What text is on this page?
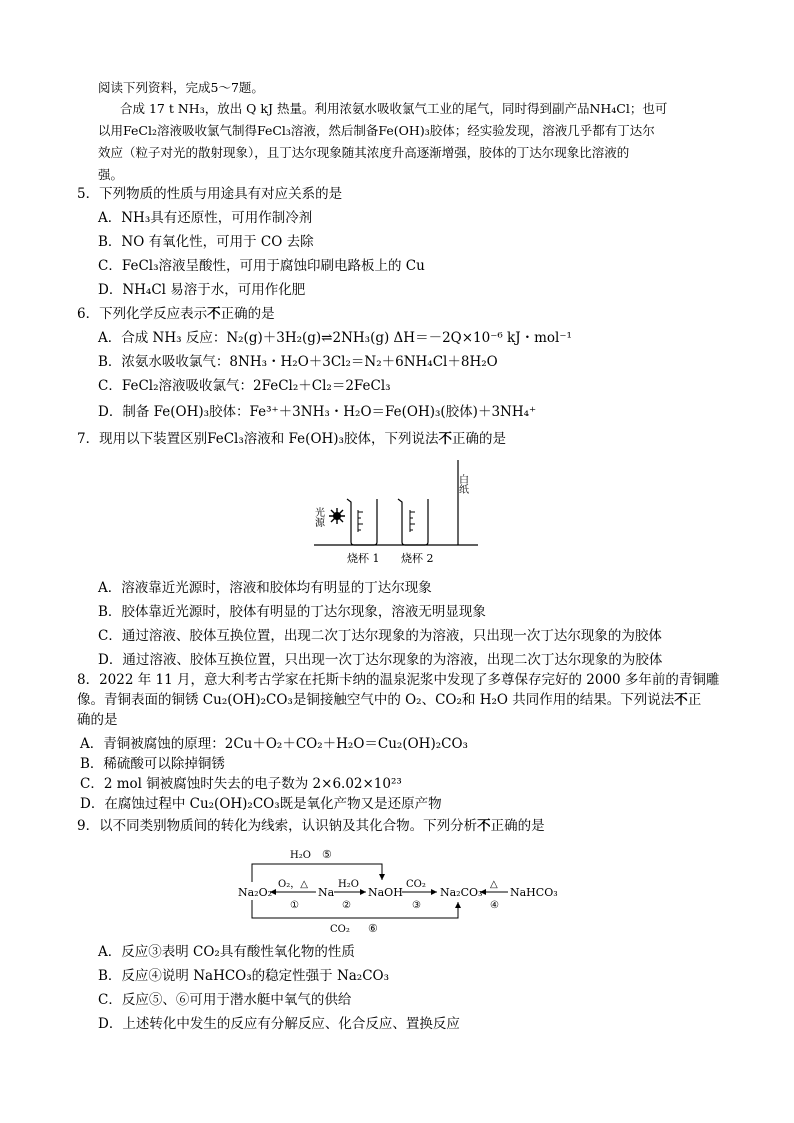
阅读下列资料，完成5～7题。
合成 17 t NH₃，放出 Q kJ 热量。利用浓氨水吸收氯气工业的尾气，同时得到副产品NH₄Cl；也可
以用FeCl₂溶液吸收氯气制得FeCl₃溶液，然后制备Fe(OH)₃胶体；经实验发现，溶液几乎都有丁达尔
效应（粒子对光的散射现象），且丁达尔现象随其浓度升高逐渐增强，胶体的丁达尔现象比溶液的
强。
5．下列物质的性质与用途具有对应关系的是
A．NH₃具有还原性，可用作制冷剂
B．NO 有氧化性，可用于 CO 去除
C．FeCl₃溶液呈酸性，可用于腐蚀印刷电路板上的 Cu
D．NH₄Cl 易溶于水，可用作化肥
6．下列化学反应表示不正确的是
A．合成 NH₃ 反应：N₂(g)＋3H₂(g)⇌2NH₃(g) ΔH＝－2Q×10⁻⁶ kJ・mol⁻¹
B．浓氨水吸收氯气：8NH₃・H₂O＋3Cl₂＝N₂＋6NH₄Cl＋8H₂O
C．FeCl₂溶液吸收氯气：2FeCl₂＋Cl₂＝2FeCl₃
D．制备 Fe(OH)₃胶体：Fe³⁺＋3NH₃・H₂O＝Fe(OH)₃(胶体)＋3NH₄⁺
7．现用以下装置区别FeCl₃溶液和 Fe(OH)₃胶体，下列说法不正确的是
白纸
光源
烧杯 1 烧杯 2
A．溶液靠近光源时，溶液和胶体均有明显的丁达尔现象
B．胶体靠近光源时，胶体有明显的丁达尔现象，溶液无明显现象
C．通过溶液、胶体互换位置，出现二次丁达尔现象的为溶液，只出现一次丁达尔现象的为胶体
D．通过溶液、胶体互换位置，只出现一次丁达尔现象的为溶液，出现二次丁达尔现象的为胶体
8．2022 年 11 月，意大利考古学家在托斯卡纳的温泉泥浆中发现了多尊保存完好的 2000 多年前的青铜雕
像。青铜表面的铜锈 Cu₂(OH)₂CO₃是铜接触空气中的 O₂、CO₂和 H₂O 共同作用的结果。下列说法不正
确的是
A．青铜被腐蚀的原理：2Cu＋O₂＋CO₂＋H₂O＝Cu₂(OH)₂CO₃
B．稀硫酸可以除掉铜锈
C．2 mol 铜被腐蚀时失去的电子数为 2×6.02×10²³
D．在腐蚀过程中 Cu₂(OH)₂CO₃既是氧化产物又是还原产物
9．以不同类别物质间的转化为线索，认识钠及其化合物。下列分析不正确的是
Na₂O₂	Na	NaOH	Na₂CO₃	NaHCO₃
O₂，△
①
H₂O
②
CO₂
③
△
④
H₂O ⑤
CO₂ ⑥
A．反应③表明 CO₂具有酸性氧化物的性质
B．反应④说明 NaHCO₃的稳定性强于 Na₂CO₃
C．反应⑤、⑥可用于潜水艇中氧气的供给
D．上述转化中发生的反应有分解反应、化合反应、置换反应
